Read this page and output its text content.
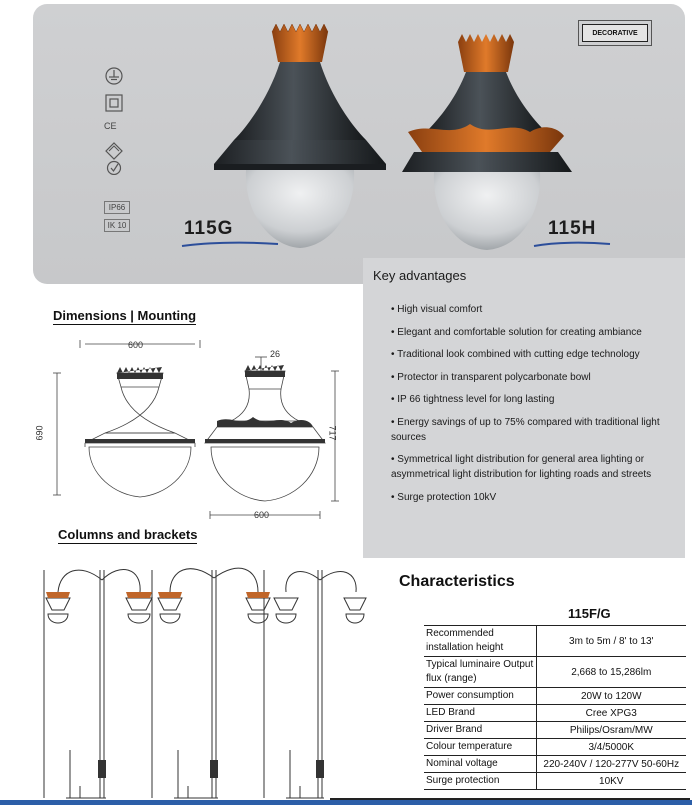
DECORATIVE
CE
IP66
IK 10	115G	115H
Key advantages
• High visual comfort
• Elegant and comfortable solution for creating ambiance
• Traditional look combined with cutting edge technology
• Protector in transparent polycarbonate bowl
• IP 66 tightness level for long lasting
• Energy savings of up to 75% compared with traditional light sources
• Symmetrical light distribution for general area lighting or asymmetrical light distribution for lighting roads and streets
• Surge protection 10kV
Dimensions | Mounting
600
690
26
717
600
Columns and brackets
Characteristics
115F/G
Recommended installation height	3m to 5m / 8' to 13'
Typical luminaire Output flux (range)	2,668 to 15,286lm
Power consumption	20W to 120W
LED Brand	Cree XPG3
Driver Brand	Philips/Osram/MW
Colour temperature	3/4/5000K
Nominal voltage	220-240V / 120-277V 50-60Hz
Surge protection	10KV
